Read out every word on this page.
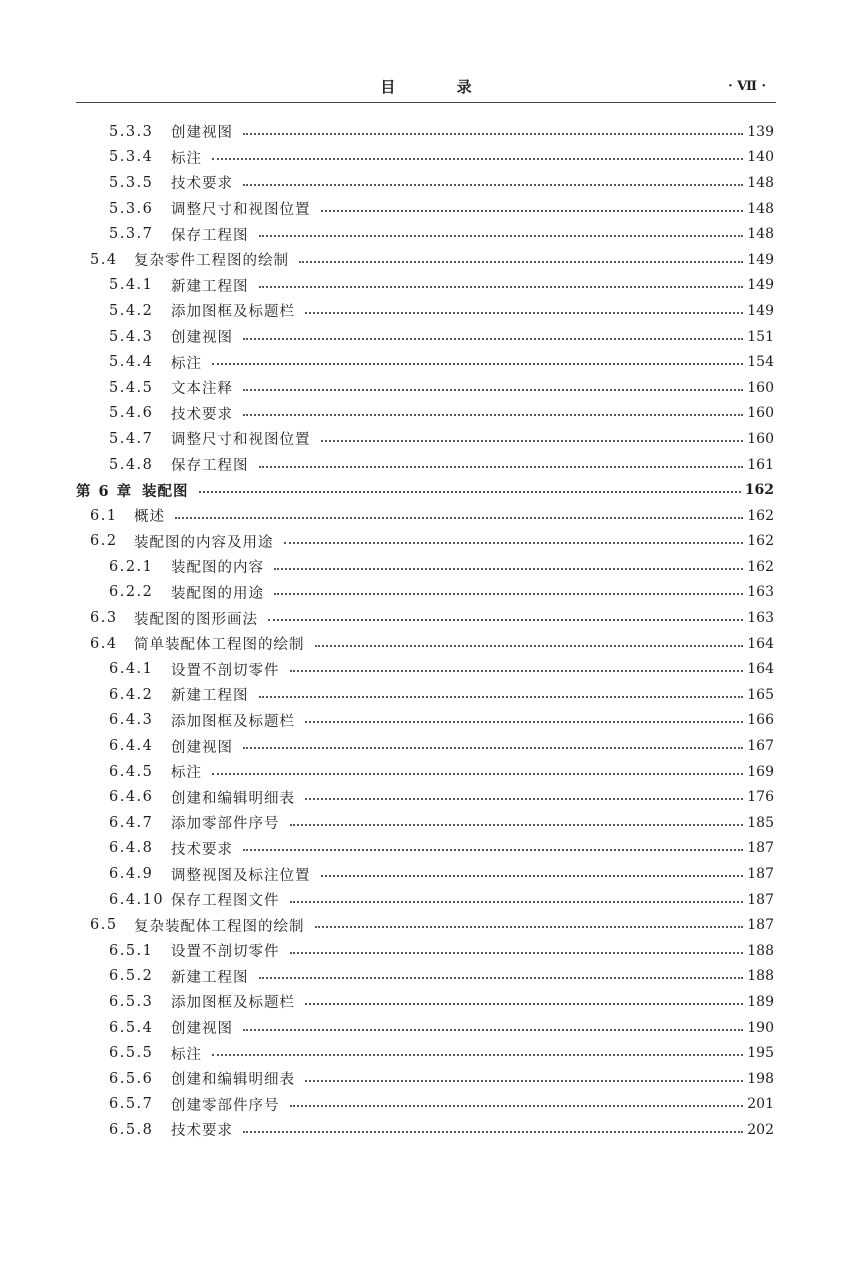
目 录	· Ⅶ ·
5.3.3	创建视图	139
5.3.4	标注	140
5.3.5	技术要求	148
5.3.6	调整尺寸和视图位置	148
5.3.7	保存工程图	148
5.4	复杂零件工程图的绘制	149
5.4.1	新建工程图	149
5.4.2	添加图框及标题栏	149
5.4.3	创建视图	151
5.4.4	标注	154
5.4.5	文本注释	160
5.4.6	技术要求	160
5.4.7	调整尺寸和视图位置	160
5.4.8	保存工程图	161
第 6 章 装配图	162
6.1	概述	162
6.2	装配图的内容及用途	162
6.2.1	装配图的内容	162
6.2.2	装配图的用途	163
6.3	装配图的图形画法	163
6.4	简单装配体工程图的绘制	164
6.4.1	设置不剖切零件	164
6.4.2	新建工程图	165
6.4.3	添加图框及标题栏	166
6.4.4	创建视图	167
6.4.5	标注	169
6.4.6	创建和编辑明细表	176
6.4.7	添加零部件序号	185
6.4.8	技术要求	187
6.4.9	调整视图及标注位置	187
6.4.10 保存工程图文件	187
6.5	复杂装配体工程图的绘制	187
6.5.1	设置不剖切零件	188
6.5.2	新建工程图	188
6.5.3	添加图框及标题栏	189
6.5.4	创建视图	190
6.5.5	标注	195
6.5.6	创建和编辑明细表	198
6.5.7	创建零部件序号	201
6.5.8	技术要求	202
